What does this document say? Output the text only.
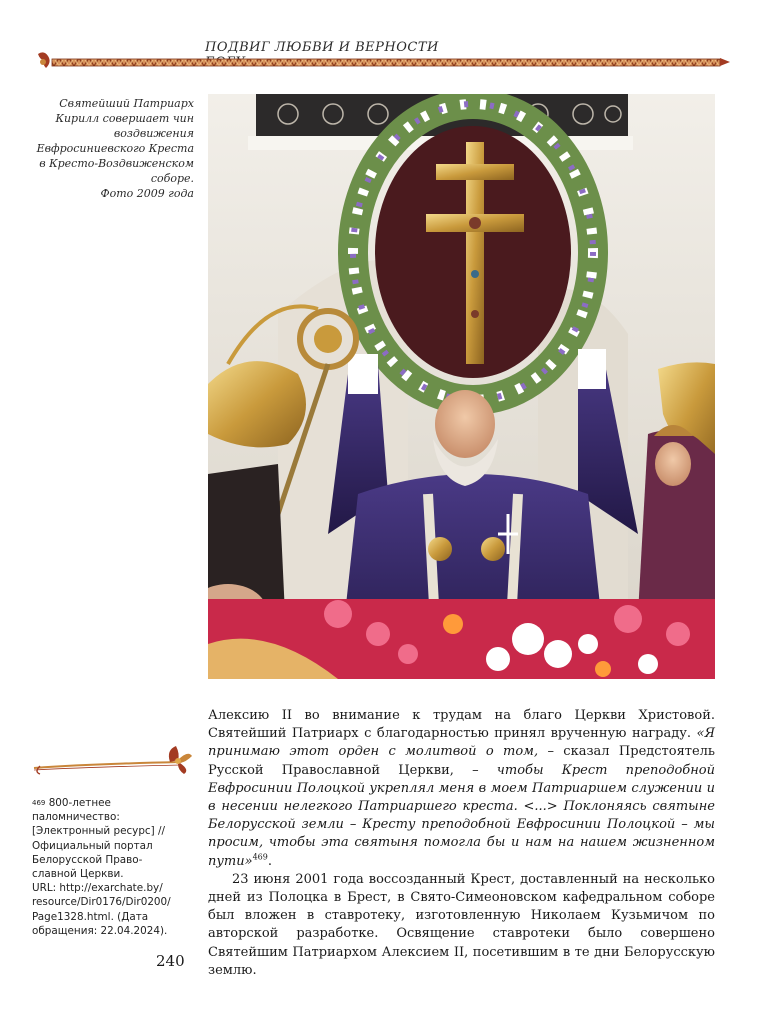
ПОДВИГ ЛЮБВИ И ВЕРНОСТИ
Святейший Патриарх
Кирилл совершает чин
воздвижения
Евфросиниевского Креста
в Кресто-Воздвиженском
соборе.
Фото 2009 года

Алексию II во внимание к трудам на благо Церкви Христовой. Святейший Патриарх с благодарностью принял врученную награду. «Я принимаю этот орден с молитвой о том, – сказал Предстоятель Русской Православной Церкви, – чтобы Крест преподобной Евфросинии Полоцкой укреплял меня в моем Патриаршем служении и в несении нелегкого Патриаршего креста. <...> Поклоняясь святыне Белорусской земли – Кресту преподобной Евфросинии Полоцкой – мы просим, чтобы эта святыня помогла бы и нам на нашем жизненном пути»$^{469}$.

23 июня 2001 года воссозданный Крест, доставленный на несколько дней из Полоцка в Брест, в Свято-Симеоновском кафедральном соборе был вложен в ставротеку, изготовленную Николаем Кузьмичом по авторской разработке. Освящение ставротеки было совершено Святейшим Патриархом Алексием II, посетившим в те дни Белорусскую землю.

$^{469}$ 800-летнее
паломничество:
[Электронный ресурс] //
Официальный портал
Белорусской Право-
славной Церкви.
URL: http://exarchate.by/
resource/Dir0176/Dir0200/
Page1328.html. (Дата
обращения: 22.04.2024).
240
